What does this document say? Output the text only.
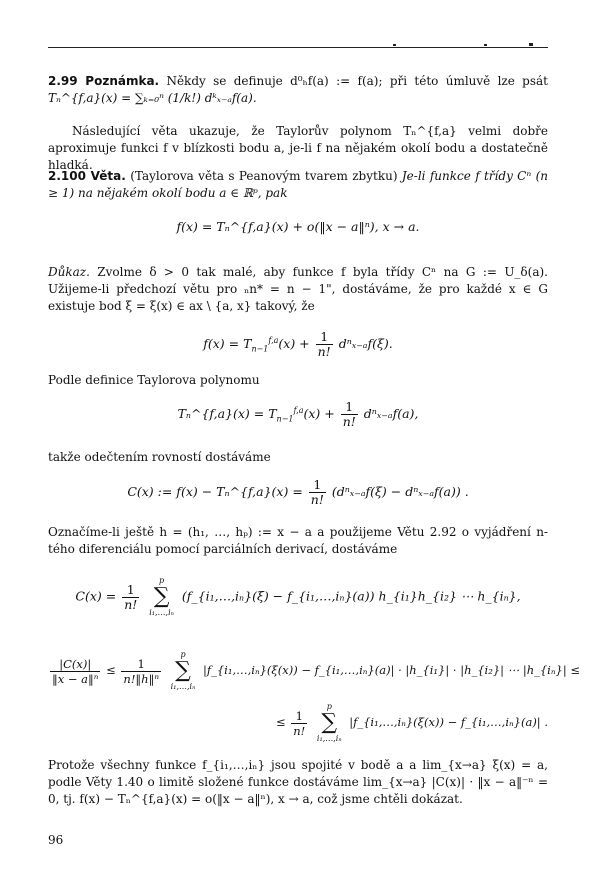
2.99 Poznámka. Někdy se definuje d⁰ₕf(a) := f(a); při této úmluvě lze psát Tₙ^{f,a}(x) = ∑ₖ₌₀ⁿ (1/k!) dᵏₓ₋ₐf(a).
Následující věta ukazuje, že Taylorův polynom Tₙ^{f,a} velmi dobře aproximuje funkci f v blízkosti bodu a, je-li f na nějakém okolí bodu a dostatečně hladká.
2.100 Věta. (Taylorova věta s Peanovým tvarem zbytku) Je-li funkce f třídy Cⁿ (n ≥ 1) na nějakém okolí bodu a ∈ ℝᵖ, pak
f(x) = Tₙ^{f,a}(x) + o(‖x − a‖ⁿ), x → a.
Důkaz. Zvolme δ > 0 tak malé, aby funkce f byla třídy Cⁿ na G := U_δ(a). Užijeme-li předchozí větu pro ₙn* = n − 1", dostáváme, že pro každé x ∈ G existuje bod ξ = ξ(x) ∈ ax \ {a, x} takový, že
$f(x) = T_{n-1}^{f,a}(x) + \frac{1}{n!} d^n_{x-a}f(\xi)$.
Podle definice Taylorova polynomu
Tₙ^{f,a}(x) = $T_{n-1}^{f,a}(x) + \frac{1}{n!} d^n_{x-a}f(a)$,
takže odečtením rovností dostáváme
C(x) := f(x) − Tₙ^{f,a}(x) = $\frac{1}{n!} (d^n_{x-a}f(\xi) - d^n_{x-a}f(a))$ .
Označíme-li ještě h = (h₁, …, hₚ) := x − a a použijeme Větu 2.92 o vyjádření n-tého diferenciálu pomocí parciálních derivací, dostáváme
$C(x) = \frac{1}{n!}$

p
∑
i₁,…,iₙ
(f_{i₁,…,iₙ}(ξ) − f_{i₁,…,iₙ}(a)) h_{i₁}h_{i₂} ⋯ h_{iₙ},
$\frac{|C(x)|}{\text{‖x − a‖ⁿ}} \le \frac{1}{\text{n!‖h‖ⁿ}}$

p
∑
i₁,…,iₙ
|f_{i₁,…,iₙ}(ξ(x)) − f_{i₁,…,iₙ}(a)| · |h_{i₁}| · |h_{i₂}| ⋯ |h_{iₙ}| ≤
≤ $\frac{1}{n!}$

p
∑
i₁,…,iₙ
|f_{i₁,…,iₙ}(ξ(x)) − f_{i₁,…,iₙ}(a)| .
Protože všechny funkce f_{i₁,…,iₙ} jsou spojité v bodě a a lim_{x→a} ξ(x) = a, podle Věty 1.40 o limitě složené funkce dostáváme lim_{x→a} |C(x)| · ‖x − a‖⁻ⁿ = 0, tj. f(x) − Tₙ^{f,a}(x) = o(‖x − a‖ⁿ), x → a, což jsme chtěli dokázat.
96
